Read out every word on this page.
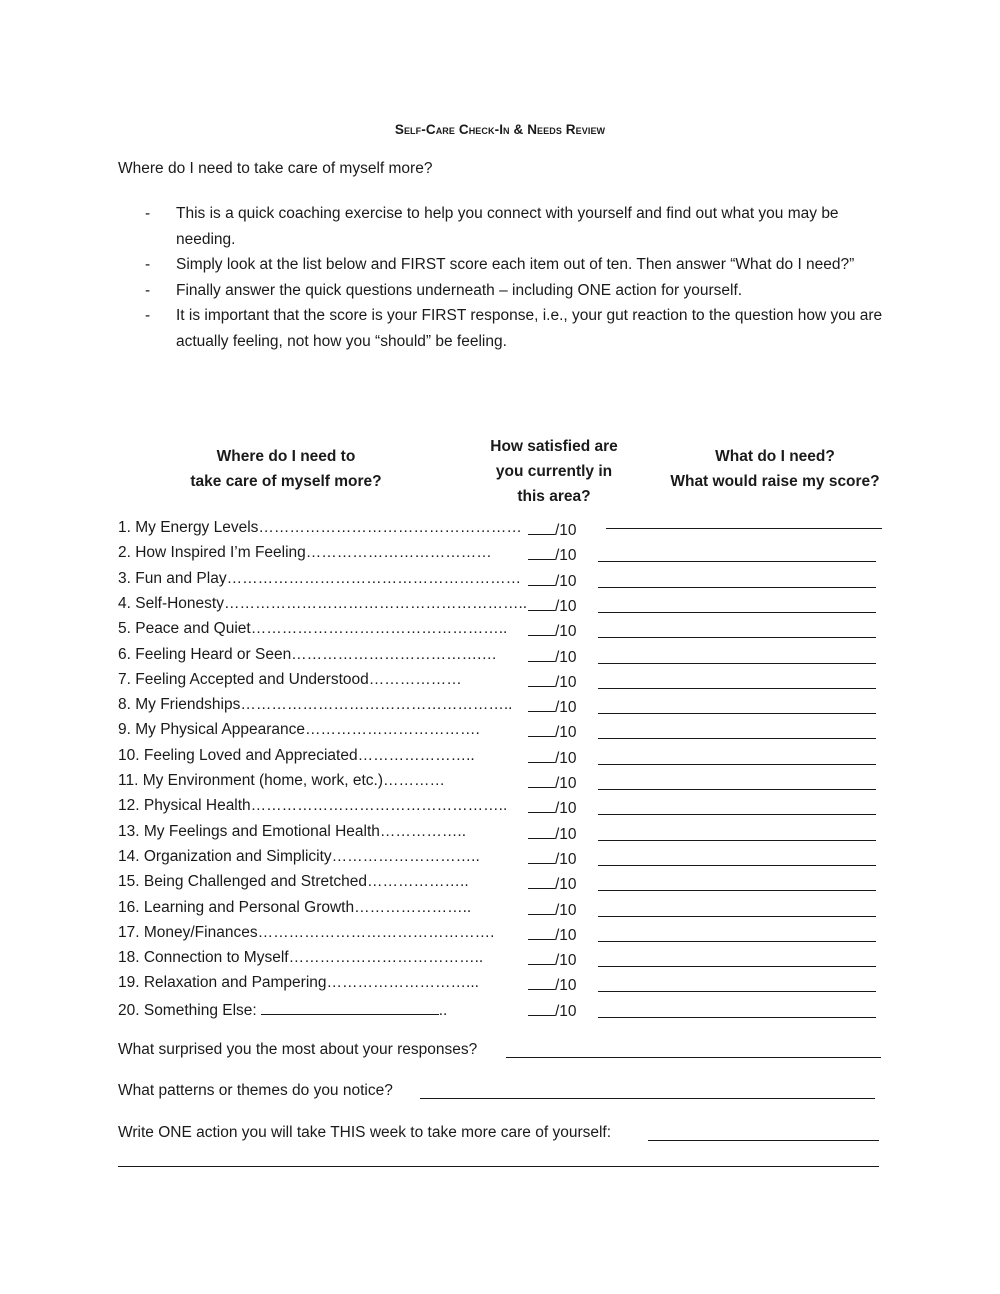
Self-Care Check-In & Needs Review
Where do I need to take care of myself more?
- This is a quick coaching exercise to help you connect with yourself and find out what you may be needing.
- Simply look at the list below and FIRST score each item out of ten. Then answer “What do I need?”
- Finally answer the quick questions underneath – including ONE action for yourself.
- It is important that the score is your FIRST response, i.e., your gut reaction to the question how you are actually feeling, not how you “should” be feeling.
Where do I need to
take care of myself more?
How satisfied are
you currently in
this area?
What do I need?
What would raise my score?
1. My Energy Levels……………………………………………	/10
2. How Inspired I’m Feeling………………………………	/10
3. Fun and Play…………………………………………………	/10
4. Self-Honesty…………………………………………………..	/10
5. Peace and Quiet…………………………………………..	/10
6. Feeling Heard or Seen……………………………….…	/10
7. Feeling Accepted and Understood………………	/10
8. My Friendships……………………………………………..	/10
9. My Physical Appearance…………………………….	/10
10. Feeling Loved and Appreciated…………………..	/10
11. My Environment (home, work, etc.)…………	/10
12. Physical Health…………………………………………..	/10
13. My Feelings and Emotional Health……………..	/10
14. Organization and Simplicity………………………..	/10
15. Being Challenged and Stretched………………..	/10
16. Learning and Personal Growth…………………..	/10
17. Money/Finances……………………………………….	/10
18. Connection to Myself………………………………..	/10
19. Relaxation and Pampering………………………...	/10
20. Something Else:	..	/10
What surprised you the most about your responses?
What patterns or themes do you notice?
Write ONE action you will take THIS week to take more care of yourself:
